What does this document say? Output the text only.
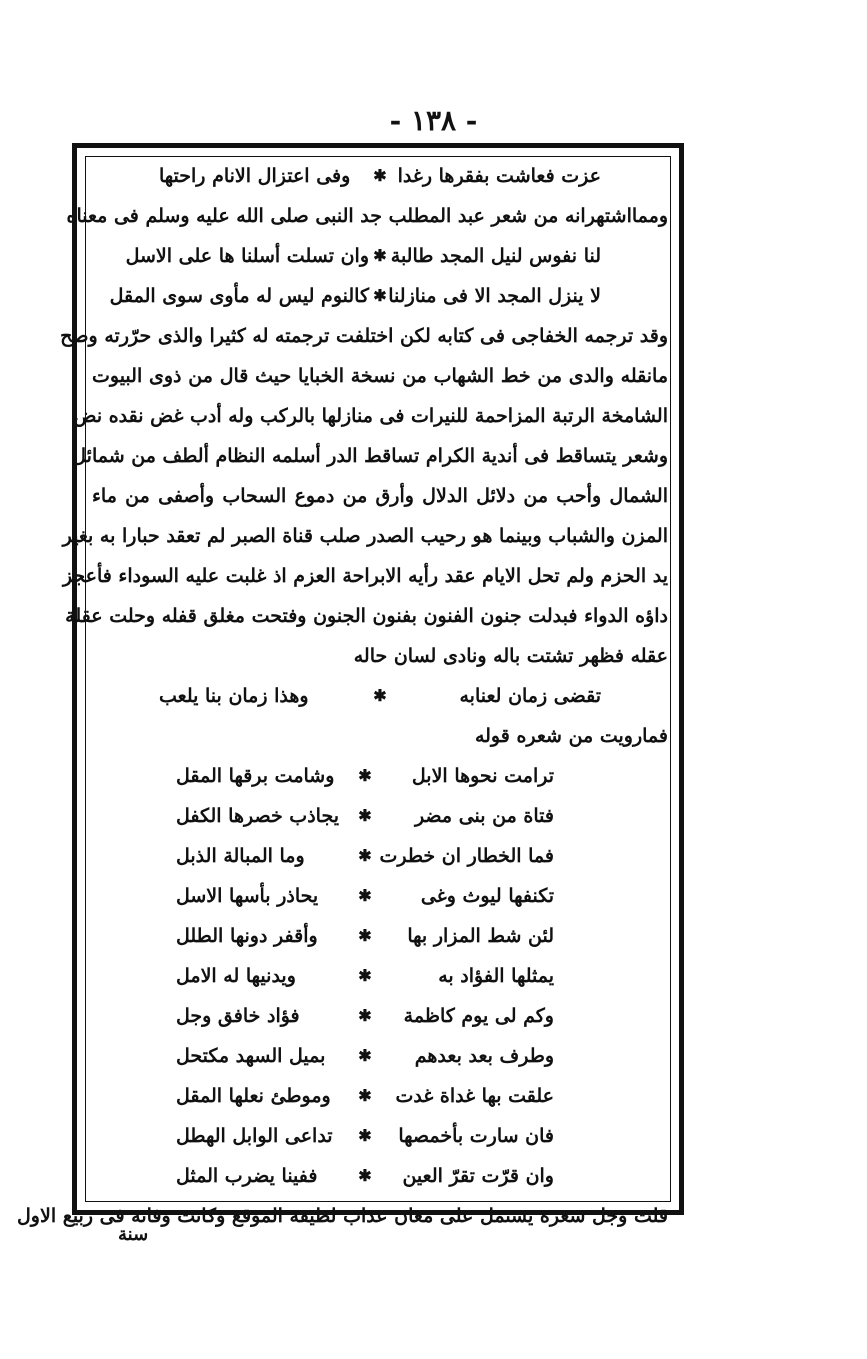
- ١٣٨ -
عزت فعاشت بفقرها رغدا
✱
وفى اعتزال الانام راحتها
وممااشتهرانه من شعر عبد المطلب جد النبى صلى الله عليه وسلم فى معناه
لنا نفوس لنيل المجد طالبة
✱
وان تسلت أسلنا ها على الاسل
لا ينزل المجد الا فى منازلنا
✱
كالنوم ليس له مأوى سوى المقل
وقد ترجمه الخفاجى فى كتابه لكن اختلفت ترجمته له كثيرا والذى حرّرته وصح
مانقله والدى من خط الشهاب من نسخة الخبايا حيث قال من ذوى البيوت
الشامخة الرتبة المزاحمة للنيرات فى منازلها بالركب وله أدب غض نقده نض
وشعر يتساقط فى أندية الكرام تساقط الدر أسلمه النظام ألطف من شمائل
الشمال وأحب من دلائل الدلال وأرق من دموع السحاب وأصفى من ماء
المزن والشباب وبينما هو رحيب الصدر صلب قناة الصبر لم تعقد حبارا به بغير
يد الحزم ولم تحل الايام عقد رأيه الابراحة العزم اذ غلبت عليه السوداء فأعجز
داؤه الدواء فبدلت جنون الفنون بفنون الجنون وفتحت مغلق قفله وحلت عقلة
عقله فظهر تشتت باله ونادى لسان حاله
تقضى زمان لعنابه
✱
وهذا زمان بنا يلعب
فمارويت من شعره قوله
ترامت نحوها الابل
✱
وشامت برقها المقل
فتاة من بنى مضر
✱
يجاذب خصرها الكفل
فما الخطار ان خطرت
✱
وما المبالة الذبل
تكنفها ليوث وغى
✱
يحاذر بأسها الاسل
لئن شط المزار بها
✱
وأقفر دونها الطلل
يمثلها الفؤاد به
✱
ويدنيها له الامل
وكم لى يوم كاظمة
✱
فؤاد خافق وجل
وطرف بعد بعدهم
✱
بميل السهد مكتحل
علقت بها غداة غدت
✱
وموطئ نعلها المقل
فان سارت بأخمصها
✱
تداعى الوابل الهطل
وان قرّت تقرّ العين
✱
ففينا يضرب المثل
قلت وجل شعره يشتمل على معان عذاب لطيفة الموقع وكانت وفاته فى ربيع الاول
سنة
